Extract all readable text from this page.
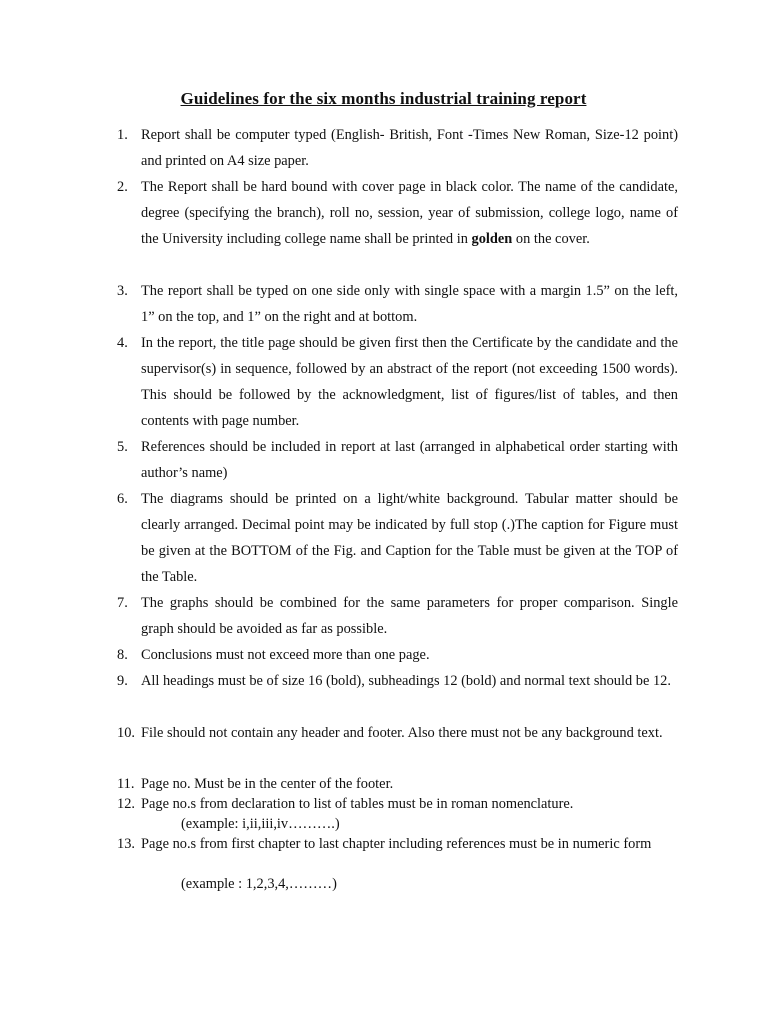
Guidelines for the six months industrial training report
1. Report shall be computer typed (English- British, Font -Times New Roman, Size-12 point) and printed on A4 size paper.
2. The Report shall be hard bound with cover page in black color. The name of the candidate, degree (specifying the branch), roll no, session, year of submission, college logo, name of the University including college name shall be printed in golden on the cover.
3. The report shall be typed on one side only with single space with a margin 1.5” on the left, 1” on the top, and 1” on the right and at bottom.
4. In the report, the title page should be given first then the Certificate by the candidate and the supervisor(s) in sequence, followed by an abstract of the report (not exceeding 1500 words). This should be followed by the acknowledgment, list of figures/list of tables, and then contents with page number.
5. References should be included in report at last (arranged in alphabetical order starting with author’s name)
6. The diagrams should be printed on a light/white background. Tabular matter should be clearly arranged. Decimal point may be indicated by full stop (.)The caption for Figure must be given at the BOTTOM of the Fig. and Caption for the Table must be given at the TOP of the Table.
7. The graphs should be combined for the same parameters for proper comparison. Single graph should be avoided as far as possible.
8. Conclusions must not exceed more than one page.
9. All headings must be of size 16 (bold), subheadings 12 (bold) and normal text should be 12.
10. File should not contain any header and footer. Also there must not be any background text.
11. Page no. Must be in the center of the footer.
12. Page no.s from declaration to list of tables must be in roman nomenclature.
(example: i,ii,iii,iv……….)
13. Page no.s from first chapter to last chapter including references must be in numeric form
(example : 1,2,3,4,………)
